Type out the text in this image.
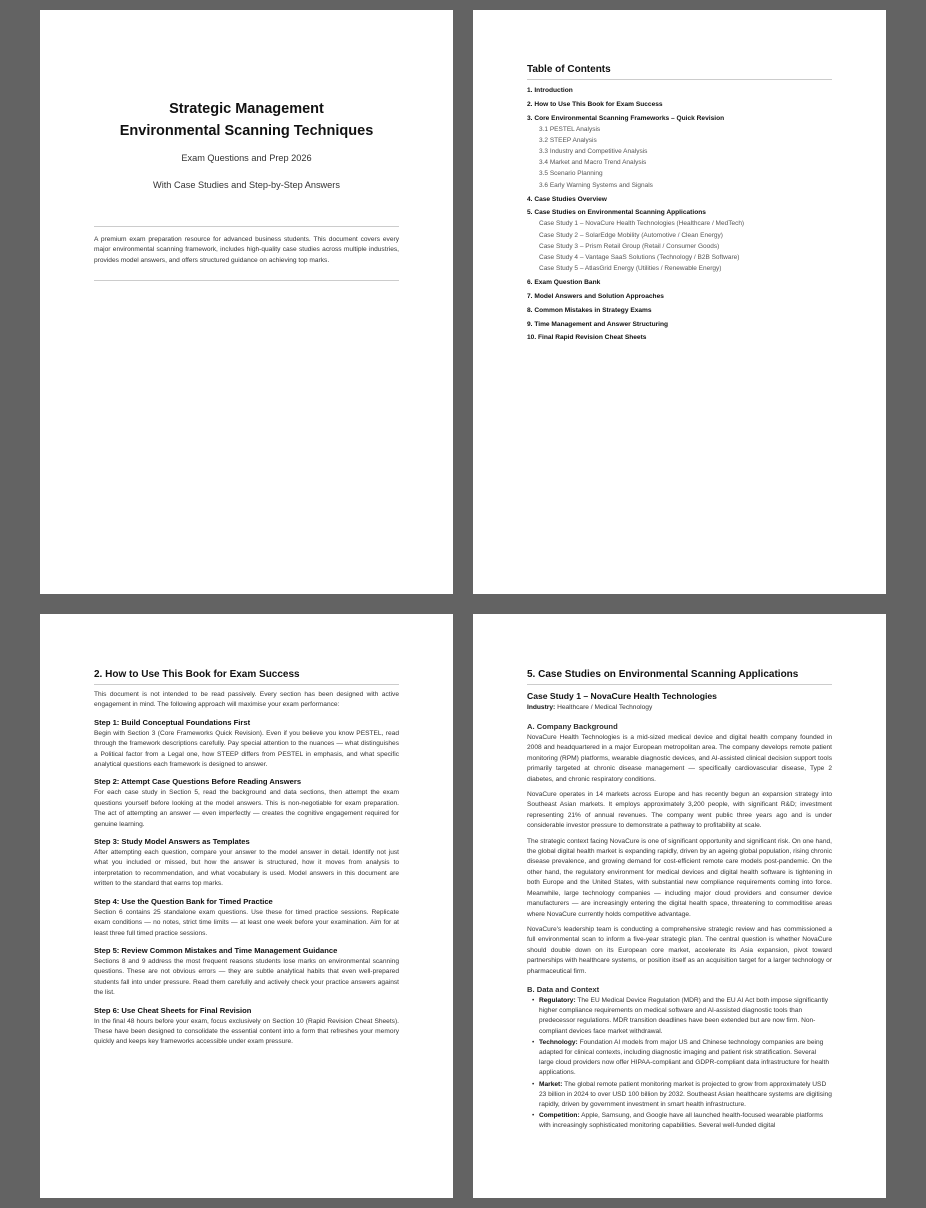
Strategic Management
Environmental Scanning Techniques
Exam Questions and Prep 2026
With Case Studies and Step-by-Step Answers
A premium exam preparation resource for advanced business students. This document covers every major environmental scanning framework, includes high-quality case studies across multiple industries, provides model answers, and offers structured guidance on achieving top marks.
Table of Contents
1. Introduction
2. How to Use This Book for Exam Success
3. Core Environmental Scanning Frameworks – Quick Revision
3.1 PESTEL Analysis
3.2 STEEP Analysis
3.3 Industry and Competitive Analysis
3.4 Market and Macro Trend Analysis
3.5 Scenario Planning
3.6 Early Warning Systems and Signals
4. Case Studies Overview
5. Case Studies on Environmental Scanning Applications
Case Study 1 – NovaCure Health Technologies (Healthcare / MedTech)
Case Study 2 – SolarEdge Mobility (Automotive / Clean Energy)
Case Study 3 – Prism Retail Group (Retail / Consumer Goods)
Case Study 4 – Vantage SaaS Solutions (Technology / B2B Software)
Case Study 5 – AtlasGrid Energy (Utilities / Renewable Energy)
6. Exam Question Bank
7. Model Answers and Solution Approaches
8. Common Mistakes in Strategy Exams
9. Time Management and Answer Structuring
10. Final Rapid Revision Cheat Sheets
2. How to Use This Book for Exam Success
This document is not intended to be read passively. Every section has been designed with active engagement in mind. The following approach will maximise your exam performance:
Step 1: Build Conceptual Foundations First
Begin with Section 3 (Core Frameworks Quick Revision). Even if you believe you know PESTEL, read through the framework descriptions carefully. Pay special attention to the nuances — what distinguishes a Political factor from a Legal one, how STEEP differs from PESTEL in emphasis, and what specific analytical questions each framework is designed to answer.
Step 2: Attempt Case Questions Before Reading Answers
For each case study in Section 5, read the background and data sections, then attempt the exam questions yourself before looking at the model answers. This is non-negotiable for exam preparation. The act of attempting an answer — even imperfectly — creates the cognitive engagement required for genuine learning.
Step 3: Study Model Answers as Templates
After attempting each question, compare your answer to the model answer in detail. Identify not just what you included or missed, but how the answer is structured, how it moves from analysis to interpretation to recommendation, and what vocabulary is used. Model answers in this document are written to the standard that earns top marks.
Step 4: Use the Question Bank for Timed Practice
Section 6 contains 25 standalone exam questions. Use these for timed practice sessions. Replicate exam conditions — no notes, strict time limits — at least one week before your examination. Aim for at least three full timed practice sessions.
Step 5: Review Common Mistakes and Time Management Guidance
Sections 8 and 9 address the most frequent reasons students lose marks on environmental scanning questions. These are not obvious errors — they are subtle analytical habits that even well-prepared students fall into under pressure. Read them carefully and actively check your practice answers against the list.
Step 6: Use Cheat Sheets for Final Revision
In the final 48 hours before your exam, focus exclusively on Section 10 (Rapid Revision Cheat Sheets). These have been designed to consolidate the essential content into a form that refreshes your memory quickly and keeps key frameworks accessible under exam pressure.
5. Case Studies on Environmental Scanning Applications
Case Study 1 – NovaCure Health Technologies
Industry: Healthcare / Medical Technology
A. Company Background
NovaCure Health Technologies is a mid-sized medical device and digital health company founded in 2008 and headquartered in a major European metropolitan area. The company develops remote patient monitoring (RPM) platforms, wearable diagnostic devices, and AI-assisted clinical decision support tools primarily targeted at chronic disease management — specifically cardiovascular disease, Type 2 diabetes, and chronic respiratory conditions.
NovaCure operates in 14 markets across Europe and has recently begun an expansion strategy into Southeast Asian markets. It employs approximately 3,200 people, with significant R&D; investment representing 21% of annual revenues. The company went public three years ago and is under considerable investor pressure to demonstrate a pathway to profitability at scale.
The strategic context facing NovaCure is one of significant opportunity and significant risk. On one hand, the global digital health market is expanding rapidly, driven by an ageing global population, rising chronic disease prevalence, and growing demand for cost-efficient remote care models post-pandemic. On the other hand, the regulatory environment for medical devices and digital health software is tightening in both Europe and the United States, with substantial new compliance requirements coming into force. Meanwhile, large technology companies — including major cloud providers and consumer device manufacturers — are increasingly entering the digital health space, threatening to commoditise areas where NovaCure currently holds competitive advantage.
NovaCure's leadership team is conducting a comprehensive strategic review and has commissioned a full environmental scan to inform a five-year strategic plan. The central question is whether NovaCure should double down on its European core market, accelerate its Asia expansion, pivot toward partnerships with healthcare systems, or position itself as an acquisition target for a larger technology or pharmaceutical firm.
B. Data and Context
• Regulatory: The EU Medical Device Regulation (MDR) and the EU AI Act both impose significantly higher compliance requirements on medical software and AI-assisted diagnostic tools than predecessor regulations. MDR transition deadlines have been extended but are now firm. Non-compliant devices face market withdrawal.
• Technology: Foundation AI models from major US and Chinese technology companies are being adapted for clinical contexts, including diagnostic imaging and patient risk stratification. Several large cloud providers now offer HIPAA-compliant and GDPR-compliant data infrastructure for health applications.
• Market: The global remote patient monitoring market is projected to grow from approximately USD 23 billion in 2024 to over USD 100 billion by 2032. Southeast Asian healthcare systems are digitising rapidly, driven by government investment in smart health infrastructure.
• Competition: Apple, Samsung, and Google have all launched health-focused wearable platforms with increasingly sophisticated monitoring capabilities. Several well-funded digital
